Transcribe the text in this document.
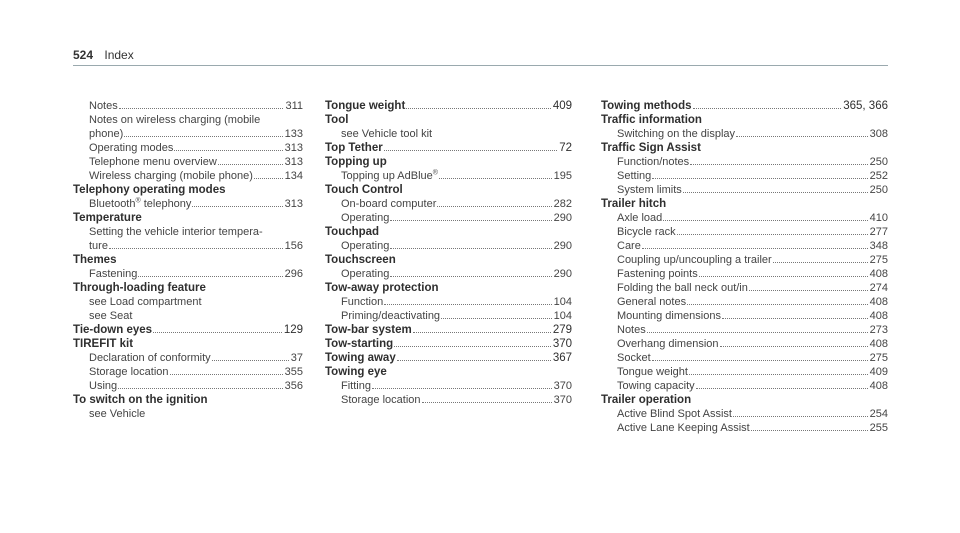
524 Index
Notes	311
Notes on wireless charging (mobile
phone)	133
Operating modes	313
Telephone menu overview	313
Wireless charging (mobile phone)	134
Telephony operating modes
Bluetooth® telephony	313
Temperature
Setting the vehicle interior tempera-
ture	156
Themes
Fastening	296
Through-loading feature
see Load compartment
see Seat
Tie-down eyes	129
TIREFIT kit
Declaration of conformity	37
Storage location	355
Using	356
To switch on the ignition
see Vehicle
Tongue weight	409
Tool
see Vehicle tool kit
Top Tether	72
Topping up
Topping up AdBlue®	195
Touch Control
On-board computer	282
Operating	290
Touchpad
Operating	290
Touchscreen
Operating	290
Tow-away protection
Function	104
Priming/deactivating	104
Tow-bar system	279
Tow-starting	370
Towing away	367
Towing eye
Fitting	370
Storage location	370
Towing methods	365, 366
Traffic information
Switching on the display	308
Traffic Sign Assist
Function/notes	250
Setting	252
System limits	250
Trailer hitch
Axle load	410
Bicycle rack	277
Care	348
Coupling up/uncoupling a trailer	275
Fastening points	408
Folding the ball neck out/in	274
General notes	408
Mounting dimensions	408
Notes	273
Overhang dimension	408
Socket	275
Tongue weight	409
Towing capacity	408
Trailer operation
Active Blind Spot Assist	254
Active Lane Keeping Assist	255
